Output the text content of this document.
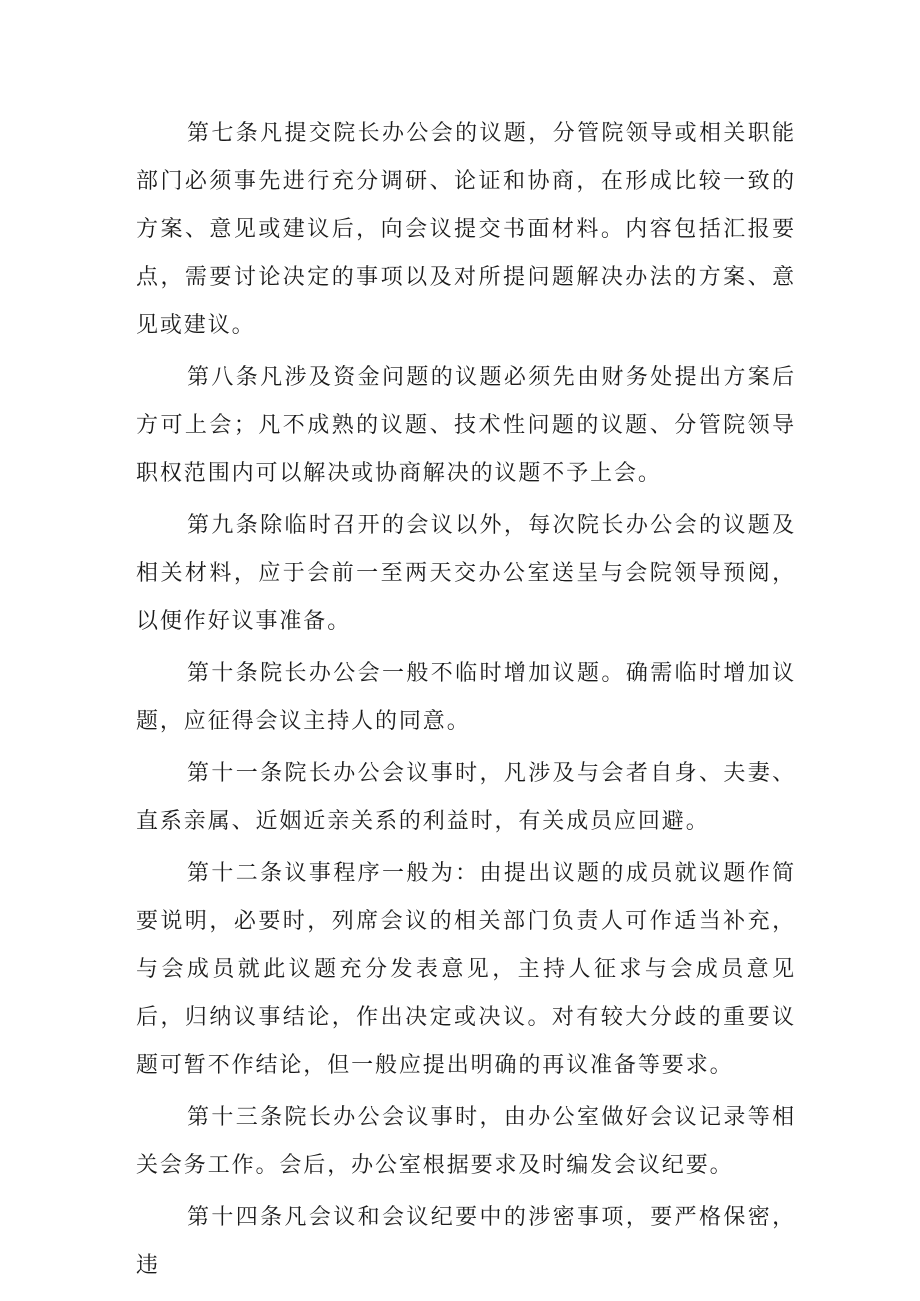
第七条凡提交院长办公会的议题，分管院领导或相关职能部门必须事先进行充分调研、论证和协商，在形成比较一致的方案、意见或建议后，向会议提交书面材料。内容包括汇报要点，需要讨论决定的事项以及对所提问题解决办法的方案、意见或建议。

第八条凡涉及资金问题的议题必须先由财务处提出方案后方可上会；凡不成熟的议题、技术性问题的议题、分管院领导职权范围内可以解决或协商解决的议题不予上会。

第九条除临时召开的会议以外，每次院长办公会的议题及相关材料，应于会前一至两天交办公室送呈与会院领导预阅，以便作好议事准备。

第十条院长办公会一般不临时增加议题。确需临时增加议题，应征得会议主持人的同意。

第十一条院长办公会议事时，凡涉及与会者自身、夫妻、直系亲属、近姻近亲关系的利益时，有关成员应回避。

第十二条议事程序一般为：由提出议题的成员就议题作简要说明，必要时，列席会议的相关部门负责人可作适当补充，与会成员就此议题充分发表意见，主持人征求与会成员意见后，归纳议事结论，作出决定或决议。对有较大分歧的重要议题可暂不作结论，但一般应提出明确的再议准备等要求。

第十三条院长办公会议事时，由办公室做好会议记录等相关会务工作。会后，办公室根据要求及时编发会议纪要。

第十四条凡会议和会议纪要中的涉密事项，要严格保密，违
